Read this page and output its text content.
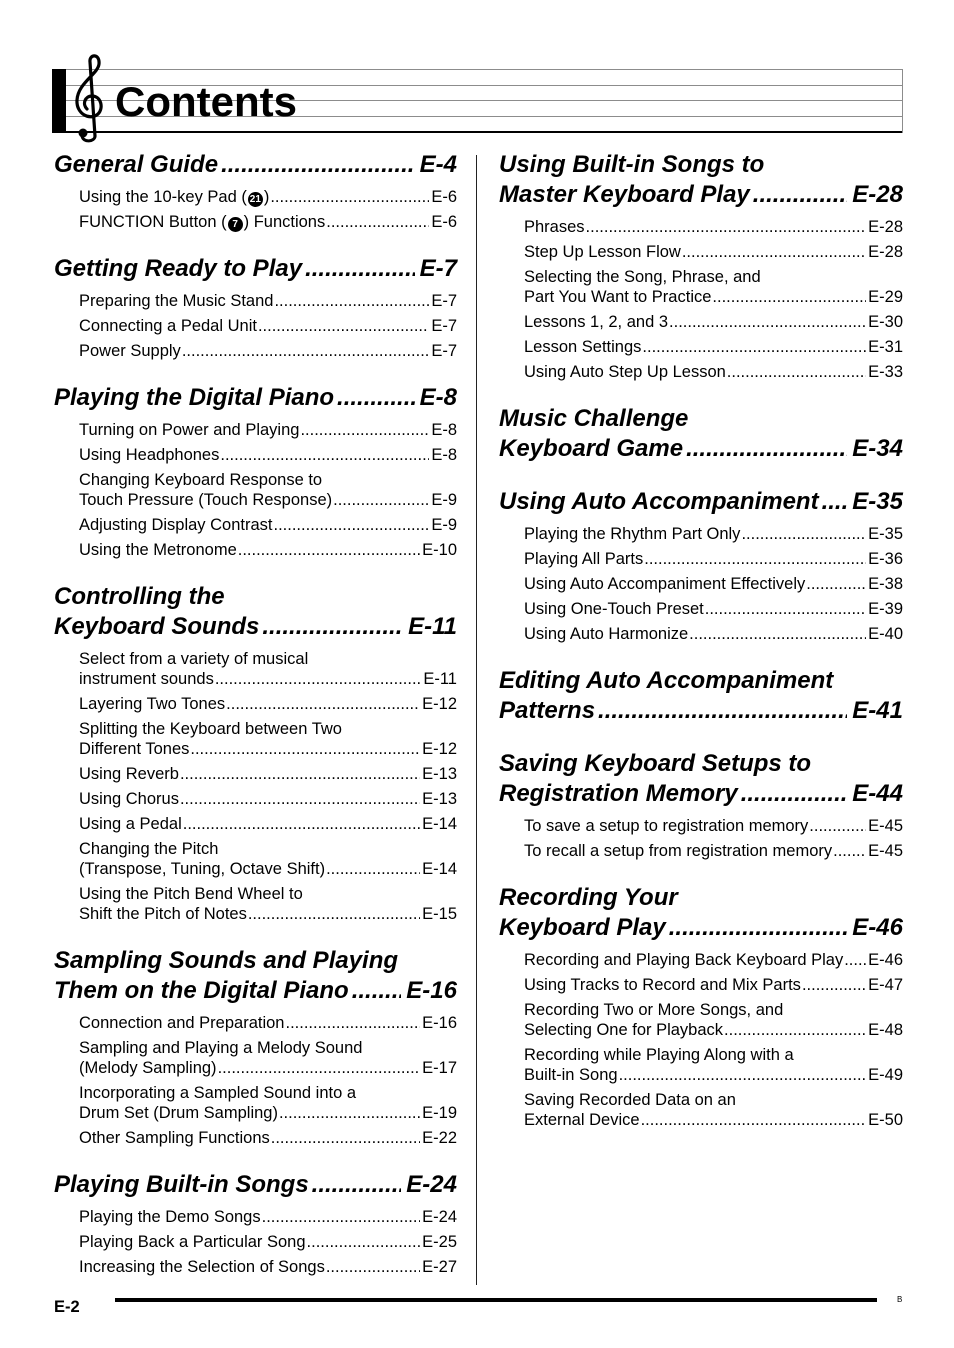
Contents
General Guide .....	E-4
Using the 10-key Pad ( 21 ) .....	E-6
FUNCTION Button ( 7 ) Functions .....	E-6
Getting Ready to Play .....	E-7
Preparing the Music Stand .....	E-7
Connecting a Pedal Unit .....	E-7
Power Supply .....	E-7
Playing the Digital Piano .....	E-8
Turning on Power and Playing .....	E-8
Using Headphones .....	E-8
Changing Keyboard Response to
Touch Pressure (Touch Response) .....	E-9
Adjusting Display Contrast .....	E-9
Using the Metronome .....	E-10
Controlling the
Keyboard Sounds .....	E-11
Select from a variety of musical
instrument sounds .....	E-11
Layering Two Tones .....	E-12
Splitting the Keyboard between Two
Different Tones .....	E-12
Using Reverb .....	E-13
Using Chorus .....	E-13
Using a Pedal .....	E-14
Changing the Pitch
(Transpose, Tuning, Octave Shift) .....	E-14
Using the Pitch Bend Wheel to
Shift the Pitch of Notes .....	E-15
Sampling Sounds and Playing
Them on the Digital Piano ..... E-16
Connection and Preparation .....	E-16
Sampling and Playing a Melody Sound
(Melody Sampling) .....	E-17
Incorporating a Sampled Sound into a
Drum Set (Drum Sampling) .....	E-19
Other Sampling Functions .....	E-22
Playing Built-in Songs .....	E-24
Playing the Demo Songs .....	E-24
Playing Back a Particular Song .....	E-25
Increasing the Selection of Songs .....	E-27
Using Built-in Songs to
Master Keyboard Play .....	E-28
Phrases .....	E-28
Step Up Lesson Flow .....	E-28
Selecting the Song, Phrase, and
Part You Want to Practice .....	E-29
Lessons 1, 2, and 3 .....	E-30
Lesson Settings .....	E-31
Using Auto Step Up Lesson .....	E-33
Music Challenge
Keyboard Game .....	E-34
Using Auto Accompaniment ..... E-35
Playing the Rhythm Part Only .....	E-35
Playing All Parts .....	E-36
Using Auto Accompaniment Effectively .....	E-38
Using One-Touch Preset .....	E-39
Using Auto Harmonize .....	E-40
Editing Auto Accompaniment
Patterns .....	E-41
Saving Keyboard Setups to
Registration Memory .....	E-44
To save a setup to registration memory .....	E-45
To recall a setup from registration memory ..... E-45
Recording Your
Keyboard Play .....	E-46
Recording and Playing Back Keyboard Play ..... E-46
Using Tracks to Record and Mix Parts .....	E-47
Recording Two or More Songs, and
Selecting One for Playback .....	E-48
Recording while Playing Along with a
Built-in Song .....	E-49
Saving Recorded Data on an
External Device .....	E-50
E-2	B
